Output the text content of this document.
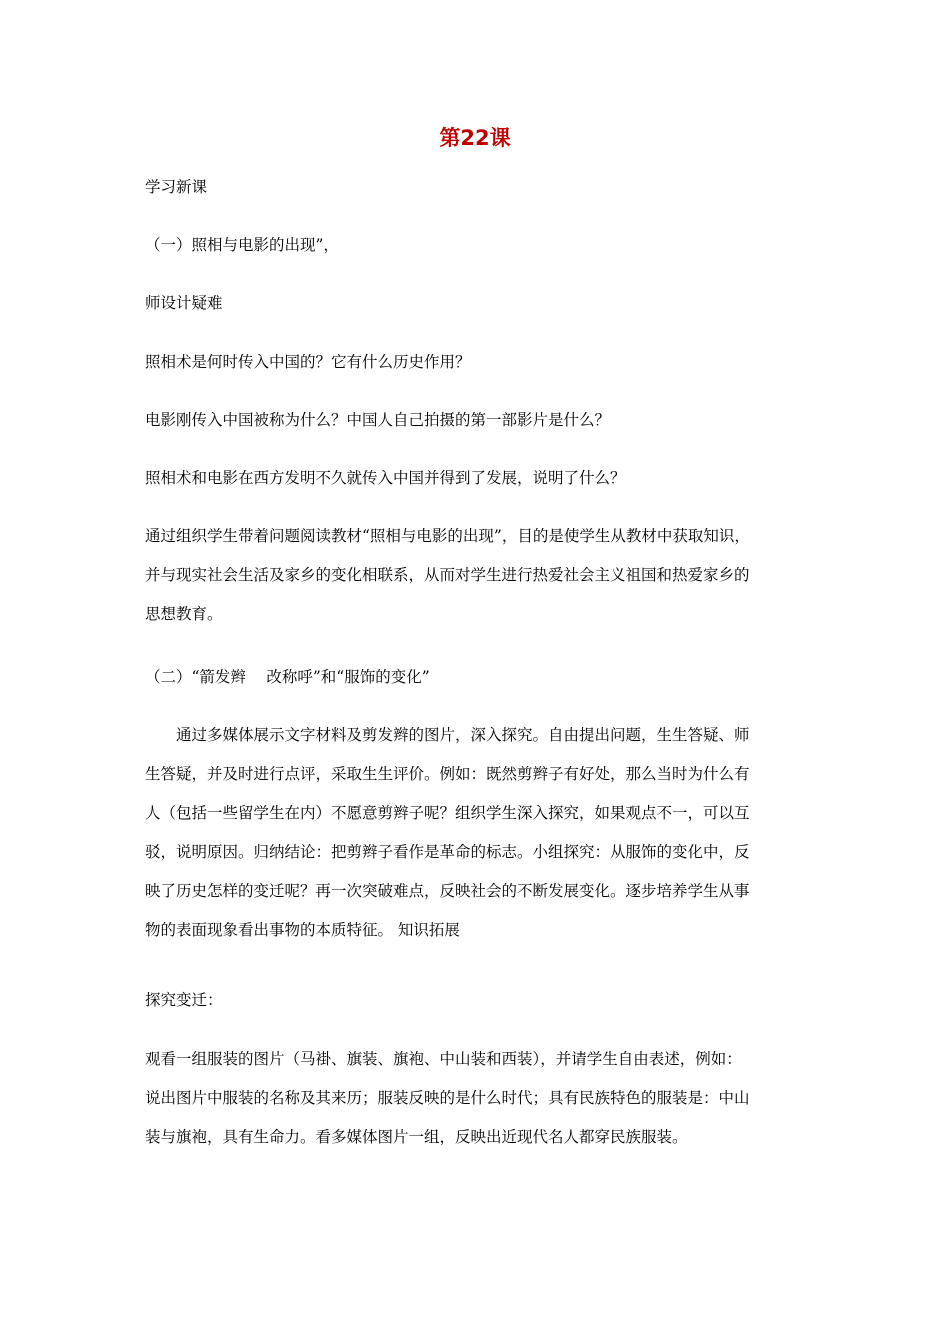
第22课
学习新课
（一）照相与电影的出现”，
师设计疑难
照相术是何时传入中国的？它有什么历史作用？
电影刚传入中国被称为什么？中国人自己拍摄的第一部影片是什么？
照相术和电影在西方发明不久就传入中国并得到了发展，说明了什么？
通过组织学生带着问题阅读教材“照相与电影的出现”，目的是使学生从教材中获取知识，
并与现实社会生活及家乡的变化相联系，从而对学生进行热爱社会主义祖国和热爱家乡的
思想教育。
（二）“箭发辫　 改称呼”和“服饰的变化”
通过多媒体展示文字材料及剪发辫的图片，深入探究。自由提出问题，生生答疑、师
生答疑，并及时进行点评，采取生生评价。例如：既然剪辫子有好处，那么当时为什么有
人（包括一些留学生在内）不愿意剪辫子呢？组织学生深入探究，如果观点不一，可以互
驳，说明原因。归纳结论：把剪辫子看作是革命的标志。小组探究：从服饰的变化中，反
映了历史怎样的变迁呢？再一次突破难点，反映社会的不断发展变化。逐步培养学生从事
物的表面现象看出事物的本质特征。 知识拓展
探究变迁：
观看一组服装的图片（马褂、旗装、旗袍、中山装和西装），并请学生自由表述，例如：
说出图片中服装的名称及其来历；服装反映的是什么时代；具有民族特色的服装是：中山
装与旗袍，具有生命力。看多媒体图片一组，反映出近现代名人都穿民族服装。
